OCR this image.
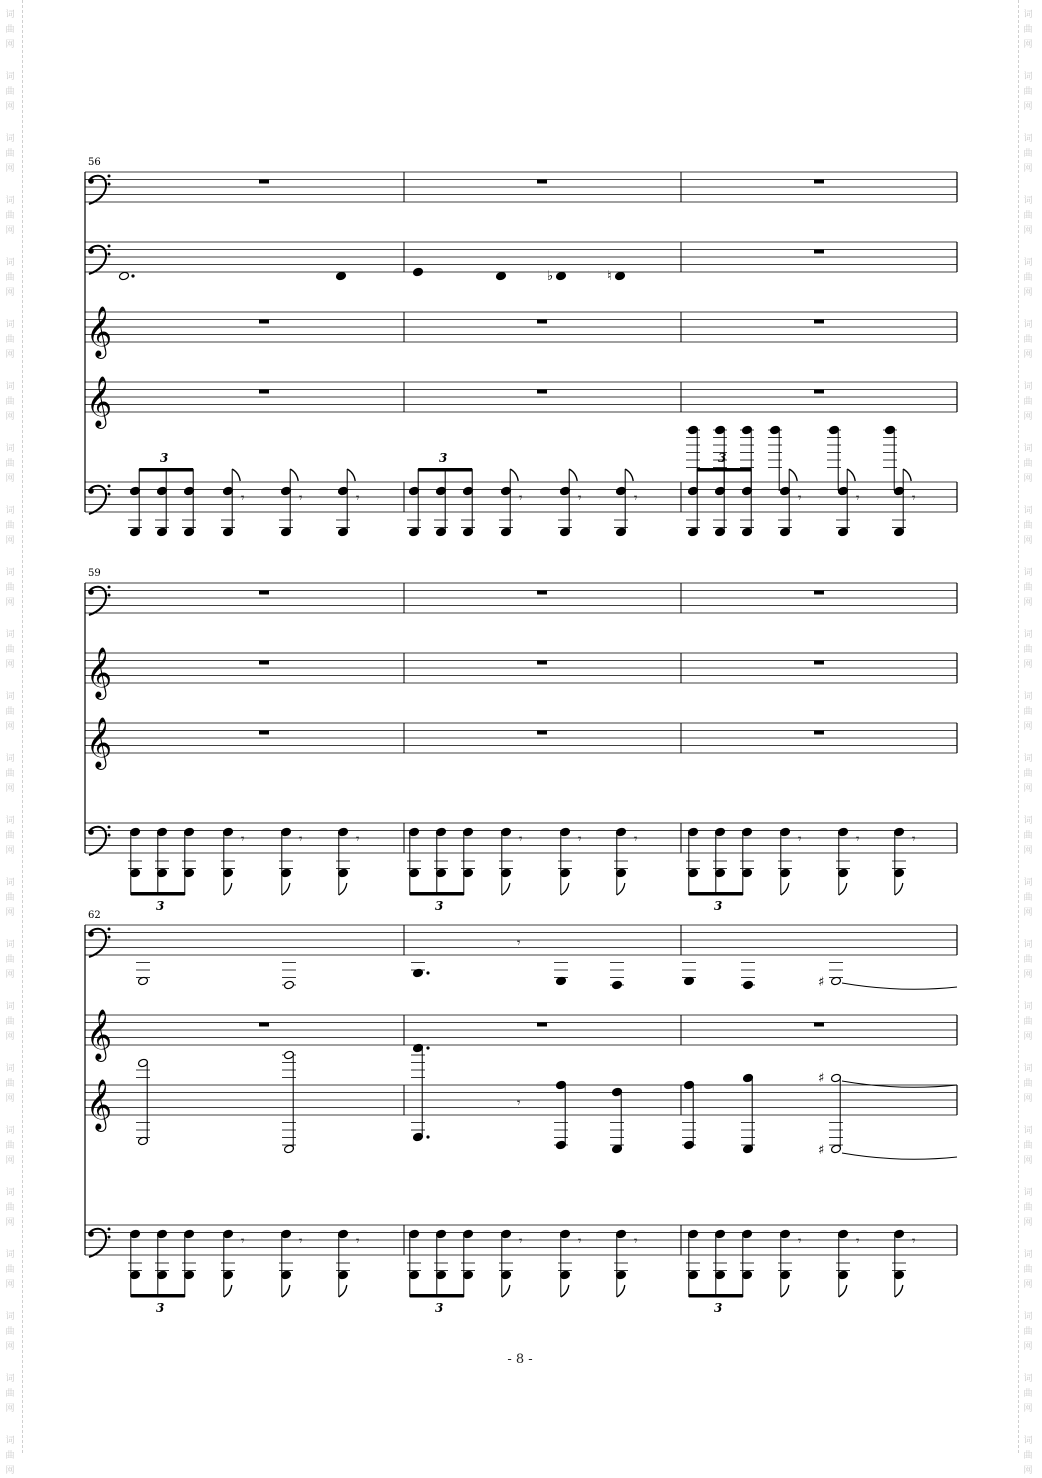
词
曲
网
词
曲
网
词
曲
网
词
曲
网
词
曲
网
词
曲
网
词
曲
网
词
曲
网
词
曲
网
词
曲
网
词
曲
网
词
曲
网
词
曲
网
词
曲
网
词
曲
网
词
曲
网
词
曲
网
词
曲
网
词
曲
网
词
曲
网
词
曲
网
词
曲
网
词
曲
网
词
曲
网
词
曲
网
词
曲
网
词
曲
网
词
曲
网
词
曲
网
词
曲
网
词
曲
网
词
曲
网
词
曲
网
词
曲
网
词
曲
网
词
曲
网
词
曲
网
词
曲
网
词
曲
网
词
曲
网
词
曲
网
词
曲
网
词
曲
网
词
曲
网
词
曲
网
词
曲
网
词
曲
网
词
曲
网
56
𝄞
𝄞
♭	♮
𝄾	𝄾	𝄾
3
𝄾	𝄾	𝄾
3
𝄾	𝄾	𝄾
3
59
𝄞
𝄞
𝄾	𝄾	𝄾
3
𝄾	𝄾	𝄾
3
𝄾	𝄾	𝄾
3
62
𝄞
𝄞
𝄾
♯
𝄾
♯
♯
𝄾	𝄾	𝄾
3
𝄾	𝄾	𝄾
3
𝄾	𝄾	𝄾
3
- 8 -
